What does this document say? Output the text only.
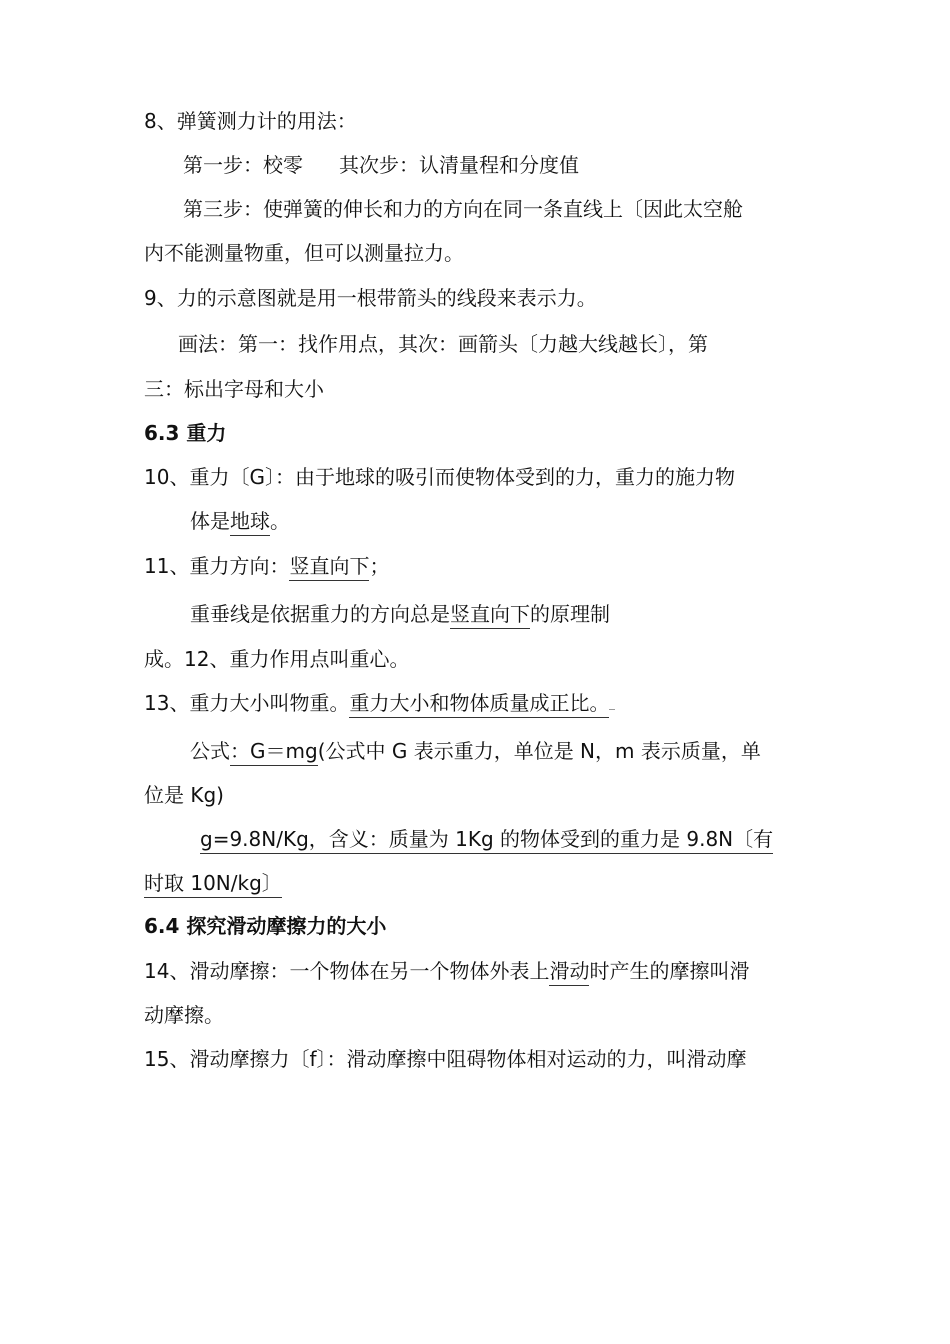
8、弹簧测力计的用法：

第一步：校零 其次步：认清量程和分度值

第三步：使弹簧的伸长和力的方向在同一条直线上〔因此太空舱

内不能测量物重，但可以测量拉力。

9、力的示意图就是用一根带箭头的线段来表示力。

画法：第一：找作用点，其次：画箭头〔力越大线越长〕，第

三：标出字母和大小

6.3 重力

10、重力〔G〕：由于地球的吸引而使物体受到的力，重力的施力物

体是地球。

11、重力方向：竖直向下；

重垂线是依据重力的方向总是竖直向下的原理制

成。12、重力作用点叫重心。

13、重力大小叫物重。重力大小和物体质量成正比。

公式：G＝mg(公式中 G 表示重力，单位是 N，m 表示质量，单

位是 Kg)

g=9.8N/Kg，含义：质量为 1Kg 的物体受到的重力是 9.8N〔有

时取 10N/kg〕

6.4 探究滑动摩擦力的大小

14、滑动摩擦：一个物体在另一个物体外表上滑动时产生的摩擦叫滑

动摩擦。

15、滑动摩擦力〔f〕：滑动摩擦中阻碍物体相对运动的力，叫滑动摩
